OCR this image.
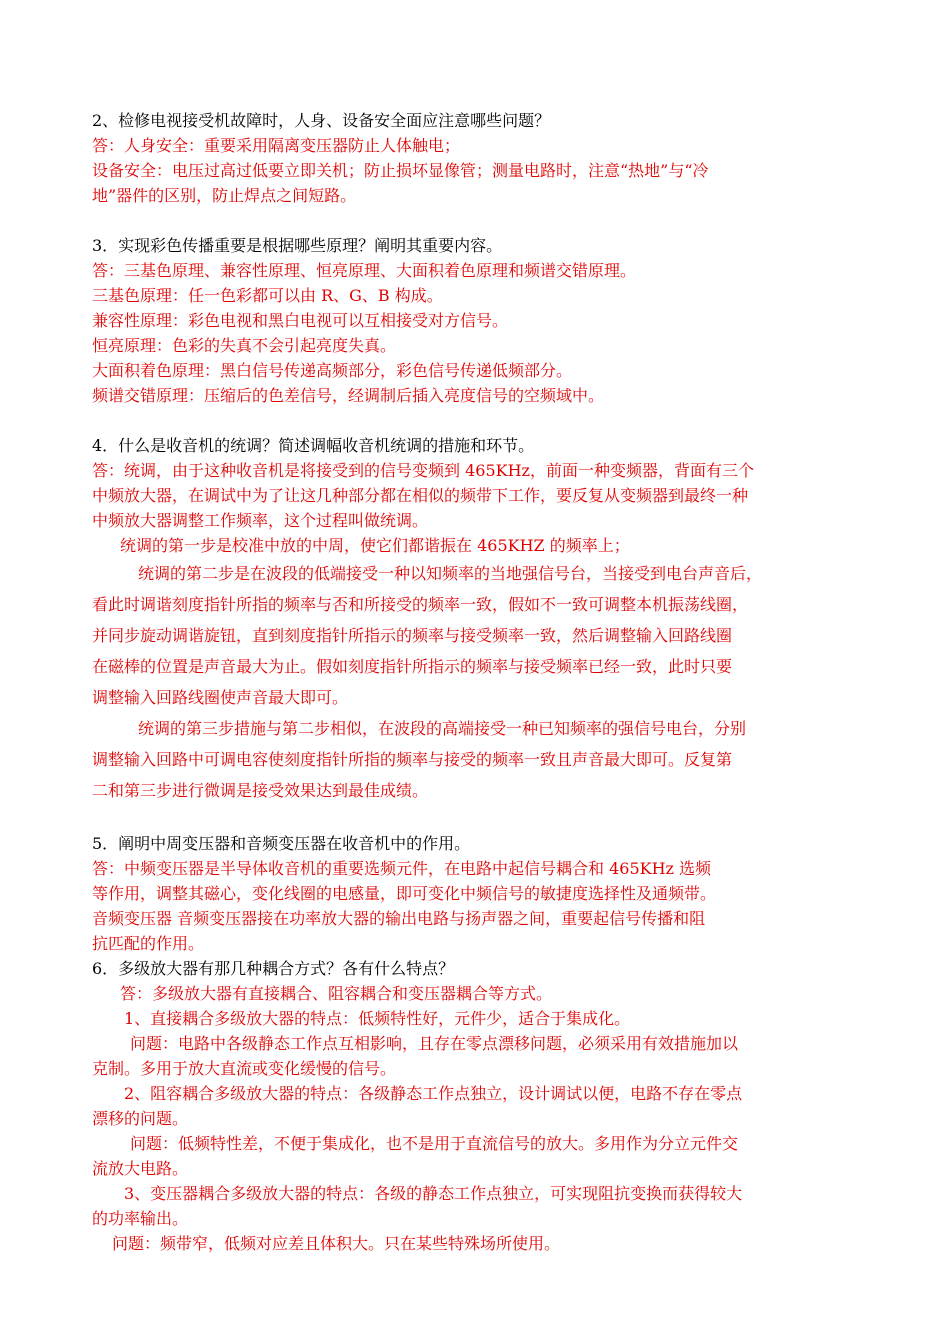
2、检修电视接受机故障时，人身、设备安全面应注意哪些问题？
答：人身安全：重要采用隔离变压器防止人体触电；
设备安全：电压过高过低要立即关机；防止损坏显像管；测量电路时，注意“热地”与“冷
地”器件的区别，防止焊点之间短路。
3．实现彩色传播重要是根据哪些原理？阐明其重要内容。
答：三基色原理、兼容性原理、恒亮原理、大面积着色原理和频谱交错原理。
三基色原理：任一色彩都可以由 R、G、B 构成。
兼容性原理：彩色电视和黑白电视可以互相接受对方信号。
恒亮原理：色彩的失真不会引起亮度失真。
大面积着色原理：黑白信号传递高频部分，彩色信号传递低频部分。
频谱交错原理：压缩后的色差信号，经调制后插入亮度信号的空频域中。
4．什么是收音机的统调？简述调幅收音机统调的措施和环节。
答：统调，由于这种收音机是将接受到的信号变频到 465KHz，前面一种变频器，背面有三个
中频放大器，在调试中为了让这几种部分都在相似的频带下工作，要反复从变频器到最终一种
中频放大器调整工作频率，这个过程叫做统调。
统调的第一步是校准中放的中周，使它们都谐振在 465KHZ 的频率上；
统调的第二步是在波段的低端接受一种以知频率的当地强信号台，当接受到电台声音后，
看此时调谐刻度指针所指的频率与否和所接受的频率一致，假如不一致可调整本机振荡线圈，
并同步旋动调谐旋钮，直到刻度指针所指示的频率与接受频率一致，然后调整输入回路线圈
在磁棒的位置是声音最大为止。假如刻度指针所指示的频率与接受频率已经一致，此时只要
调整输入回路线圈使声音最大即可。
统调的第三步措施与第二步相似，在波段的高端接受一种已知频率的强信号电台，分别
调整输入回路中可调电容使刻度指针所指的频率与接受的频率一致且声音最大即可。反复第
二和第三步进行微调是接受效果达到最佳成绩。
5．阐明中周变压器和音频变压器在收音机中的作用。
答：中频变压器是半导体收音机的重要选频元件，在电路中起信号耦合和 465KHz 选频
等作用，调整其磁心，变化线圈的电感量，即可变化中频信号的敏捷度选择性及通频带。
音频变压器 音频变压器接在功率放大器的输出电路与扬声器之间，重要起信号传播和阻
抗匹配的作用。
6．多级放大器有那几种耦合方式？各有什么特点？
答：多级放大器有直接耦合、阻容耦合和变压器耦合等方式。
1、直接耦合多级放大器的特点：低频特性好，元件少，适合于集成化。
问题：电路中各级静态工作点互相影响，且存在零点漂移问题，必须采用有效措施加以
克制。多用于放大直流或变化缓慢的信号。
2、阻容耦合多级放大器的特点：各级静态工作点独立，设计调试以便，电路不存在零点
漂移的问题。
问题：低频特性差，不便于集成化，也不是用于直流信号的放大。多用作为分立元件交
流放大电路。
3、变压器耦合多级放大器的特点：各级的静态工作点独立，可实现阻抗变换而获得较大
的功率输出。
问题：频带窄，低频对应差且体积大。只在某些特殊场所使用。
